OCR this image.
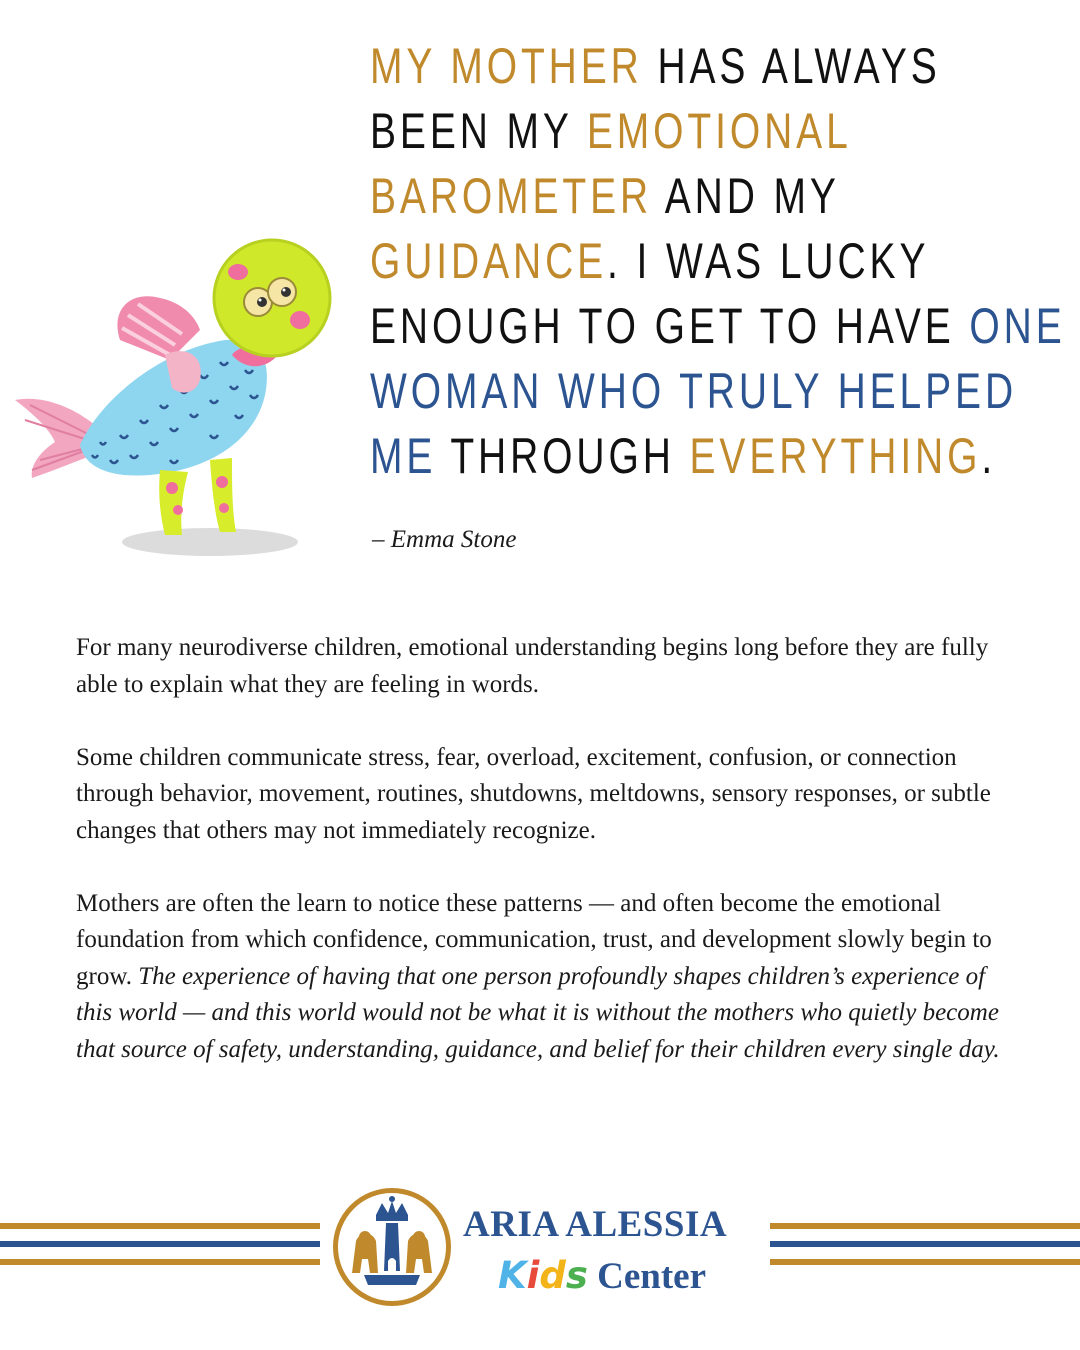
MY MOTHER HAS ALWAYS
BEEN MY EMOTIONAL
BAROMETER AND MY
GUIDANCE. I WAS LUCKY
ENOUGH TO GET TO HAVE ONE
WOMAN WHO TRULY HELPED
ME THROUGH EVERYTHING.
– Emma Stone

For many neurodiverse children, emotional understanding begins long before they are fully able to explain what they are feeling in words.

Some children communicate stress, fear, overload, excitement, confusion, or connection through behavior, movement, routines, shutdowns, meltdowns, sensory responses, or subtle changes that others may not immediately recognize.

Mothers are often the learn to notice these patterns — and often become the emotional foundation from which confidence, communication, trust, and development slowly begin to grow. The experience of having that one person profoundly shapes children’s experience of this world — and this world would not be what it is without the mothers who quietly become that source of safety, understanding, guidance, and belief for their children every single day.

ARIA ALESSIA
Kids Center
